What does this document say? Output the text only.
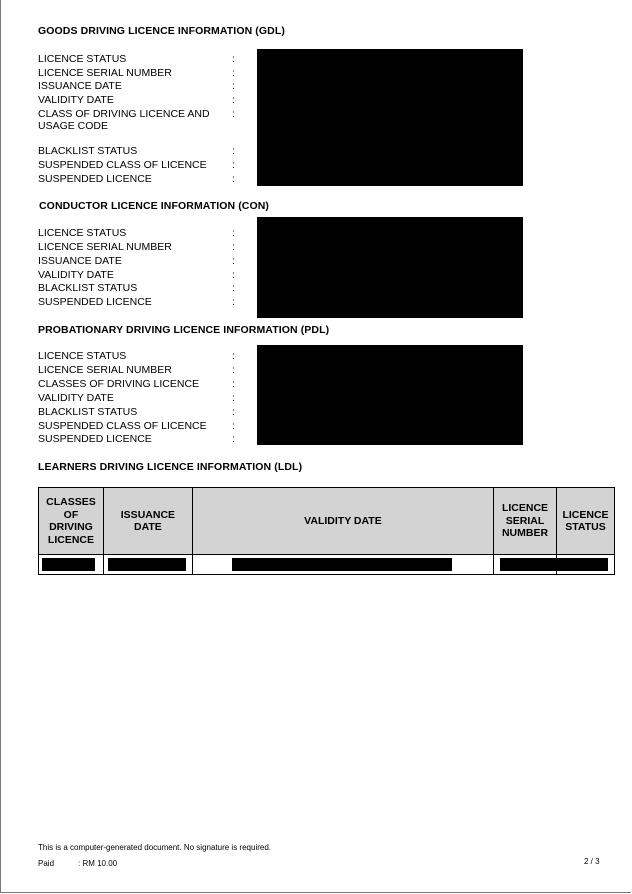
GOODS DRIVING LICENCE INFORMATION (GDL)
LICENCE STATUS	:
LICENCE SERIAL NUMBER	:
ISSUANCE DATE	:
VALIDITY DATE	:
CLASS OF DRIVING LICENCE AND USAGE CODE
:
BLACKLIST STATUS	:
SUSPENDED CLASS OF LICENCE :
SUSPENDED LICENCE	:
CONDUCTOR LICENCE INFORMATION (CON)
LICENCE STATUS	:
LICENCE SERIAL NUMBER	:
ISSUANCE DATE	:
VALIDITY DATE	:
BLACKLIST STATUS	:
SUSPENDED LICENCE	:
PROBATIONARY DRIVING LICENCE INFORMATION (PDL)
LICENCE STATUS	:
LICENCE SERIAL NUMBER	:
CLASSES OF DRIVING LICENCE	:
VALIDITY DATE	:
BLACKLIST STATUS	:
SUSPENDED CLASS OF LICENCE :
SUSPENDED LICENCE	:
LEARNERS DRIVING LICENCE INFORMATION (LDL)
CLASSES OF DRIVING LICENCE	ISSUANCE DATE	VALIDITY DATE	LICENCE SERIAL NUMBER	LICENCE STATUS

This is a computer-generated document. No signature is required.
Paid	: RM 10.00	2 / 3
